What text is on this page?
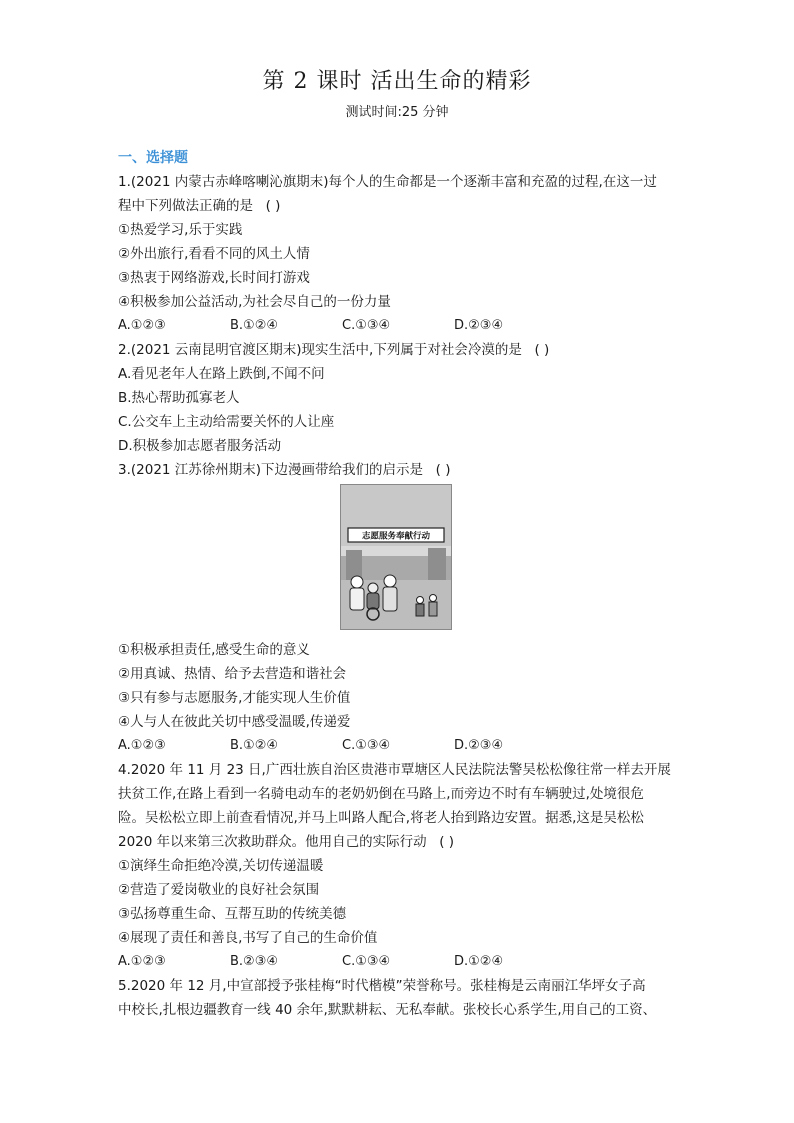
第 2 课时 活出生命的精彩
测试时间:25 分钟
一、选择题
1.(2021 内蒙古赤峰喀喇沁旗期末)每个人的生命都是一个逐渐丰富和充盈的过程,在这一过
程中下列做法正确的是 ( )
①热爱学习,乐于实践
②外出旅行,看看不同的风土人情
③热衷于网络游戏,长时间打游戏
④积极参加公益活动,为社会尽自己的一份力量
A.①②③	B.①②④	C.①③④	D.②③④
2.(2021 云南昆明官渡区期末)现实生活中,下列属于对社会冷漠的是 ( )
A.看见老年人在路上跌倒,不闻不问
B.热心帮助孤寡老人
C.公交车上主动给需要关怀的人让座
D.积极参加志愿者服务活动
3.(2021 江苏徐州期末)下边漫画带给我们的启示是 ( )
志愿服务奉献行动
①积极承担责任,感受生命的意义
②用真诚、热情、给予去营造和谐社会
③只有参与志愿服务,才能实现人生价值
④人与人在彼此关切中感受温暖,传递爱
A.①②③	B.①②④	C.①③④	D.②③④
4.2020 年 11 月 23 日,广西壮族自治区贵港市覃塘区人民法院法警吴松松像往常一样去开展
扶贫工作,在路上看到一名骑电动车的老奶奶倒在马路上,而旁边不时有车辆驶过,处境很危
险。吴松松立即上前查看情况,并马上叫路人配合,将老人抬到路边安置。据悉,这是吴松松
2020 年以来第三次救助群众。他用自己的实际行动 ( )
①演绎生命拒绝冷漠,关切传递温暖
②营造了爱岗敬业的良好社会氛围
③弘扬尊重生命、互帮互助的传统美德
④展现了责任和善良,书写了自己的生命价值
A.①②③	B.②③④	C.①③④	D.①②④
5.2020 年 12 月,中宣部授予张桂梅“时代楷模”荣誉称号。张桂梅是云南丽江华坪女子高
中校长,扎根边疆教育一线 40 余年,默默耕耘、无私奉献。张校长心系学生,用自己的工资、
